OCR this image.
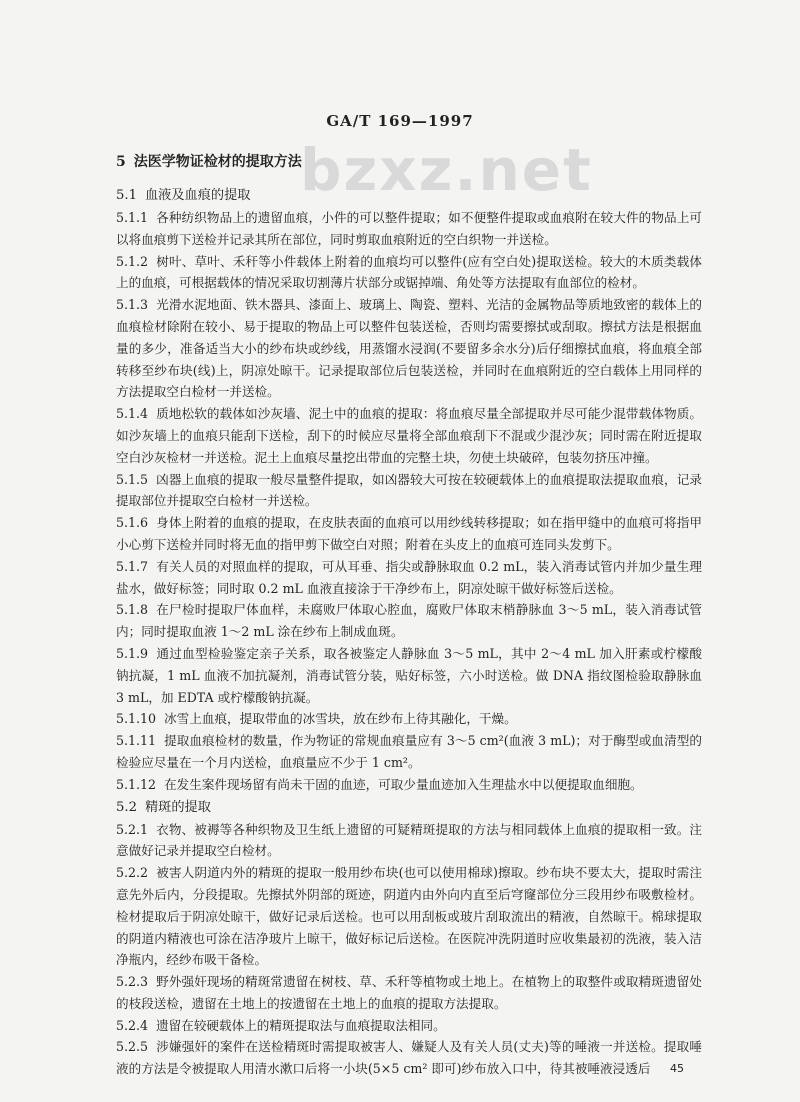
GA/T 169—1997
bzxz.net
5 法医学物证检材的提取方法
5.1 血液及血痕的提取

5.1.1 各种纺织物品上的遗留血痕，小件的可以整件提取；如不便整件提取或血痕附在较大件的物品上可以将血痕剪下送检并记录其所在部位，同时剪取血痕附近的空白织物一并送检。

5.1.2 树叶、草叶、禾秆等小件载体上附着的血痕均可以整件(应有空白处)提取送检。较大的木质类载体上的血痕，可根据载体的情况采取切割薄片状部分或锯掉端、角处等方法提取有血部位的检材。

5.1.3 光滑水泥地面、铁木器具、漆面上、玻璃上、陶瓷、塑料、光洁的金属物品等质地致密的载体上的血痕检材除附在较小、易于提取的物品上可以整件包装送检，否则均需要擦拭或刮取。擦拭方法是根据血量的多少，准备适当大小的纱布块或纱线，用蒸馏水浸润(不要留多余水分)后仔细擦拭血痕，将血痕全部转移至纱布块(线)上，阴凉处晾干。记录提取部位后包装送检，并同时在血痕附近的空白载体上用同样的方法提取空白检材一并送检。

5.1.4 质地松软的载体如沙灰墙、泥土中的血痕的提取：将血痕尽量全部提取并尽可能少混带载体物质。如沙灰墙上的血痕只能刮下送检，刮下的时候应尽量将全部血痕刮下不混或少混沙灰；同时需在附近提取空白沙灰检材一并送检。泥土上血痕尽量挖出带血的完整土块，勿使土块破碎，包装勿挤压冲撞。

5.1.5 凶器上血痕的提取一般尽量整件提取，如凶器较大可按在较硬载体上的血痕提取法提取血痕，记录提取部位并提取空白检材一并送检。

5.1.6 身体上附着的血痕的提取，在皮肤表面的血痕可以用纱线转移提取；如在指甲缝中的血痕可将指甲小心剪下送检并同时将无血的指甲剪下做空白对照；附着在头皮上的血痕可连同头发剪下。

5.1.7 有关人员的对照血样的提取，可从耳垂、指尖或静脉取血 0.2 mL，装入消毒试管内并加少量生理盐水，做好标签；同时取 0.2 mL 血液直接涂于干净纱布上，阴凉处晾干做好标签后送检。

5.1.8 在尸检时提取尸体血样，未腐败尸体取心腔血，腐败尸体取末梢静脉血 3～5 mL，装入消毒试管内；同时提取血液 1～2 mL 涂在纱布上制成血斑。

5.1.9 通过血型检验鉴定亲子关系，取各被鉴定人静脉血 3～5 mL，其中 2～4 mL 加入肝素或柠檬酸钠抗凝，1 mL 血液不加抗凝剂，消毒试管分装，贴好标签，六小时送检。做 DNA 指纹图检验取静脉血 3 mL，加 EDTA 或柠檬酸钠抗凝。

5.1.10 冰雪上血痕，提取带血的冰雪块，放在纱布上待其融化，干燥。

5.1.11 提取血痕检材的数量，作为物证的常规血痕量应有 3～5 cm²(血液 3 mL)；对于酶型或血清型的检验应尽量在一个月内送检，血痕量应不少于 1 cm²。

5.1.12 在发生案件现场留有尚未干固的血迹，可取少量血迹加入生理盐水中以便提取血细胞。

5.2 精斑的提取

5.2.1 衣物、被褥等各种织物及卫生纸上遗留的可疑精斑提取的方法与相同载体上血痕的提取相一致。注意做好记录并提取空白检材。

5.2.2 被害人阴道内外的精斑的提取一般用纱布块(也可以使用棉球)擦取。纱布块不要太大，提取时需注意先外后内，分段提取。先擦拭外阴部的斑迹，阴道内由外向内直至后穹窿部位分三段用纱布吸敷检材。检材提取后于阴凉处晾干，做好记录后送检。也可以用刮板或玻片刮取流出的精液，自然晾干。棉球提取的阴道内精液也可涂在洁净玻片上晾干，做好标记后送检。在医院冲洗阴道时应收集最初的洗液，装入洁净瓶内，经纱布吸干备检。

5.2.3 野外强奸现场的精斑常遗留在树枝、草、禾秆等植物或土地上。在植物上的取整件或取精斑遗留处的枝段送检，遗留在土地上的按遗留在土地上的血痕的提取方法提取。

5.2.4 遗留在较硬载体上的精斑提取法与血痕提取法相同。

5.2.5 涉嫌强奸的案件在送检精斑时需提取被害人、嫌疑人及有关人员(丈夫)等的唾液一并送检。提取唾液的方法是令被提取人用清水漱口后将一小块(5×5 cm² 即可)纱布放入口中，待其被唾液浸透后	45
